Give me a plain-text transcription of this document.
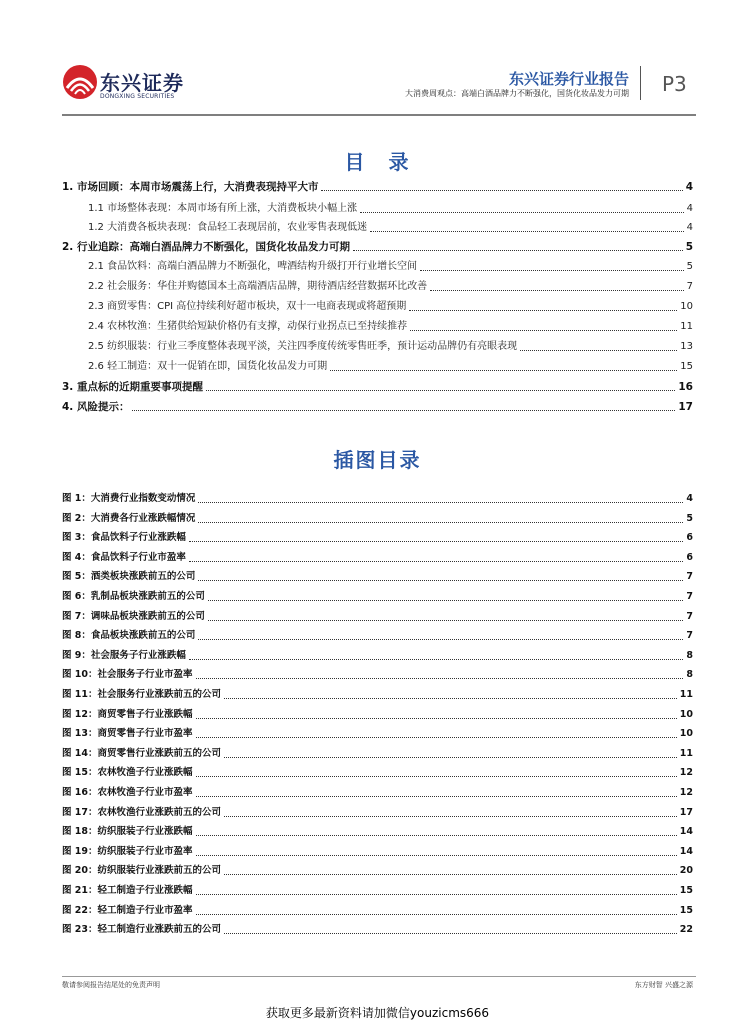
东兴证券
DONGXING SECURITIES
东兴证券行业报告
大消费周观点：高端白酒品牌力不断强化，国货化妆品发力可期 P3
目　录
1. 市场回顾：本周市场震荡上行，大消费表现持平大市	4
1.1 市场整体表现：本周市场有所上涨，大消费板块小幅上涨	4
1.2 大消费各板块表现：食品轻工表现居前，农业零售表现低迷	4
2. 行业追踪：高端白酒品牌力不断强化，国货化妆品发力可期	5
2.1 食品饮料：高端白酒品牌力不断强化，啤酒结构升级打开行业增长空间	5
2.2 社会服务：华住并购德国本土高端酒店品牌，期待酒店经营数据环比改善	7
2.3 商贸零售：CPI 高位持续利好超市板块，双十一电商表现或将超预期	10
2.4 农林牧渔：生猪供给短缺价格仍有支撑，动保行业拐点已至持续推荐	11
2.5 纺织服装：行业三季度整体表现平淡，关注四季度传统零售旺季，预计运动品牌仍有亮眼表现	13
2.6 轻工制造：双十一促销在即，国货化妆品发力可期	15
3. 重点标的近期重要事项提醒	16
4. 风险提示：	17
插图目录
图 1：大消费行业指数变动情况	4
图 2：大消费各行业涨跌幅情况	5
图 3：食品饮料子行业涨跌幅	6
图 4：食品饮料子行业市盈率	6
图 5：酒类板块涨跌前五的公司	7
图 6：乳制品板块涨跌前五的公司	7
图 7：调味品板块涨跌前五的公司	7
图 8：食品板块涨跌前五的公司	7
图 9：社会服务子行业涨跌幅	8
图 10：社会服务子行业市盈率	8
图 11：社会服务行业涨跌前五的公司	11
图 12：商贸零售子行业涨跌幅	10
图 13：商贸零售子行业市盈率	10
图 14：商贸零售行业涨跌前五的公司	11
图 15：农林牧渔子行业涨跌幅	12
图 16：农林牧渔子行业市盈率	12
图 17：农林牧渔行业涨跌前五的公司	17
图 18：纺织服装子行业涨跌幅	14
图 19：纺织服装子行业市盈率	14
图 20：纺织服装行业涨跌前五的公司	20
图 21：轻工制造子行业涨跌幅	15
图 22：轻工制造子行业市盈率	15
图 23：轻工制造行业涨跌前五的公司	22
敬请参阅报告结尾处的免责声明	东方财智 兴盛之源
获取更多最新资料请加微信youzicms666
